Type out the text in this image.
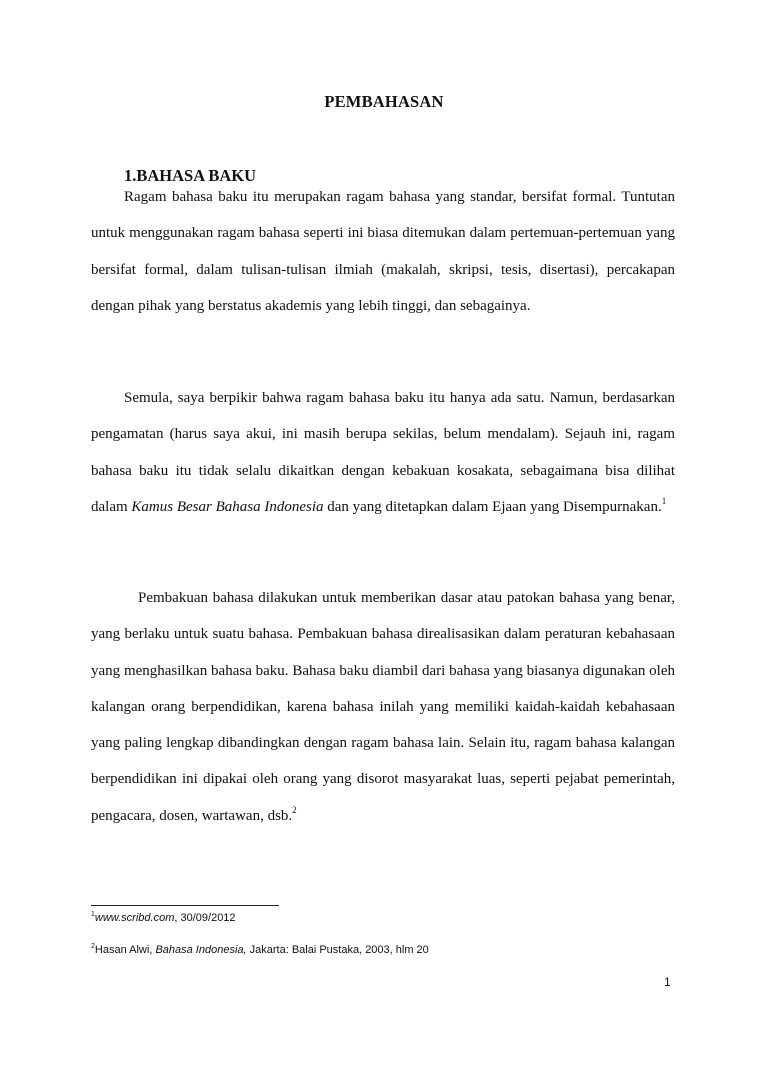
PEMBAHASAN
1.BAHASA BAKU

Ragam bahasa baku itu merupakan ragam bahasa yang standar, bersifat formal. Tuntutan untuk menggunakan ragam bahasa seperti ini biasa ditemukan dalam pertemuan-pertemuan yang bersifat formal, dalam tulisan-tulisan ilmiah (makalah, skripsi, tesis, disertasi), percakapan dengan pihak yang berstatus akademis yang lebih tinggi, dan sebagainya.

Semula, saya berpikir bahwa ragam bahasa baku itu hanya ada satu. Namun, berdasarkan pengamatan (harus saya akui, ini masih berupa sekilas, belum mendalam). Sejauh ini, ragam bahasa baku itu tidak selalu dikaitkan dengan kebakuan kosakata, sebagaimana bisa dilihat dalam Kamus Besar Bahasa Indonesia dan yang ditetapkan dalam Ejaan yang Disempurnakan.$^1$

Pembakuan bahasa dilakukan untuk memberikan dasar atau patokan bahasa yang benar, yang berlaku untuk suatu bahasa. Pembakuan bahasa direalisasikan dalam peraturan kebahasaan yang menghasilkan bahasa baku. Bahasa baku diambil dari bahasa yang biasanya digunakan oleh kalangan orang berpendidikan, karena bahasa inilah yang memiliki kaidah-kaidah kebahasaan yang paling lengkap dibandingkan dengan ragam bahasa lain. Selain itu, ragam bahasa kalangan berpendidikan ini dipakai oleh orang yang disorot masyarakat luas, seperti pejabat pemerintah, pengacara, dosen, wartawan, dsb.$^2$

$^1$www.scribd.com, 30/09/2012
$^2$Hasan Alwi, Bahasa Indonesia, Jakarta: Balai Pustaka, 2003, hlm 20
1
